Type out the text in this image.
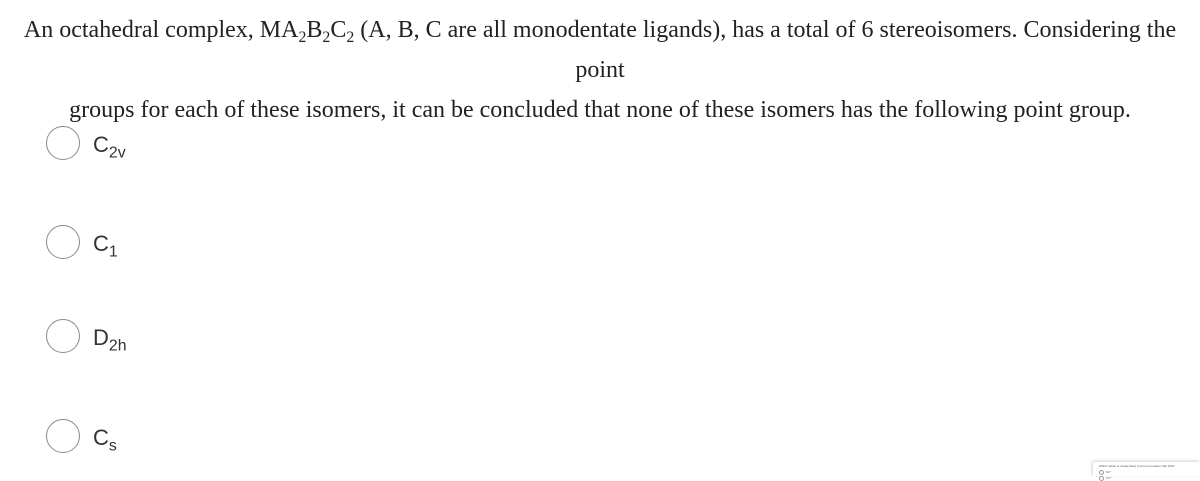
An octahedral complex, $MA_2B_2C_2$ (A, B, C are all monodentate ligands), has a total of 6 stereoisomers. Considering the point
groups for each of these isomers, it can be concluded that none of these isomers has the following point group.
$C_{2v}$
$C_1$
$D_{2h}$
$C_s$
Which cation is mostly likely to form a complex with SCN⁻
Ni²⁺
Cr³⁺
